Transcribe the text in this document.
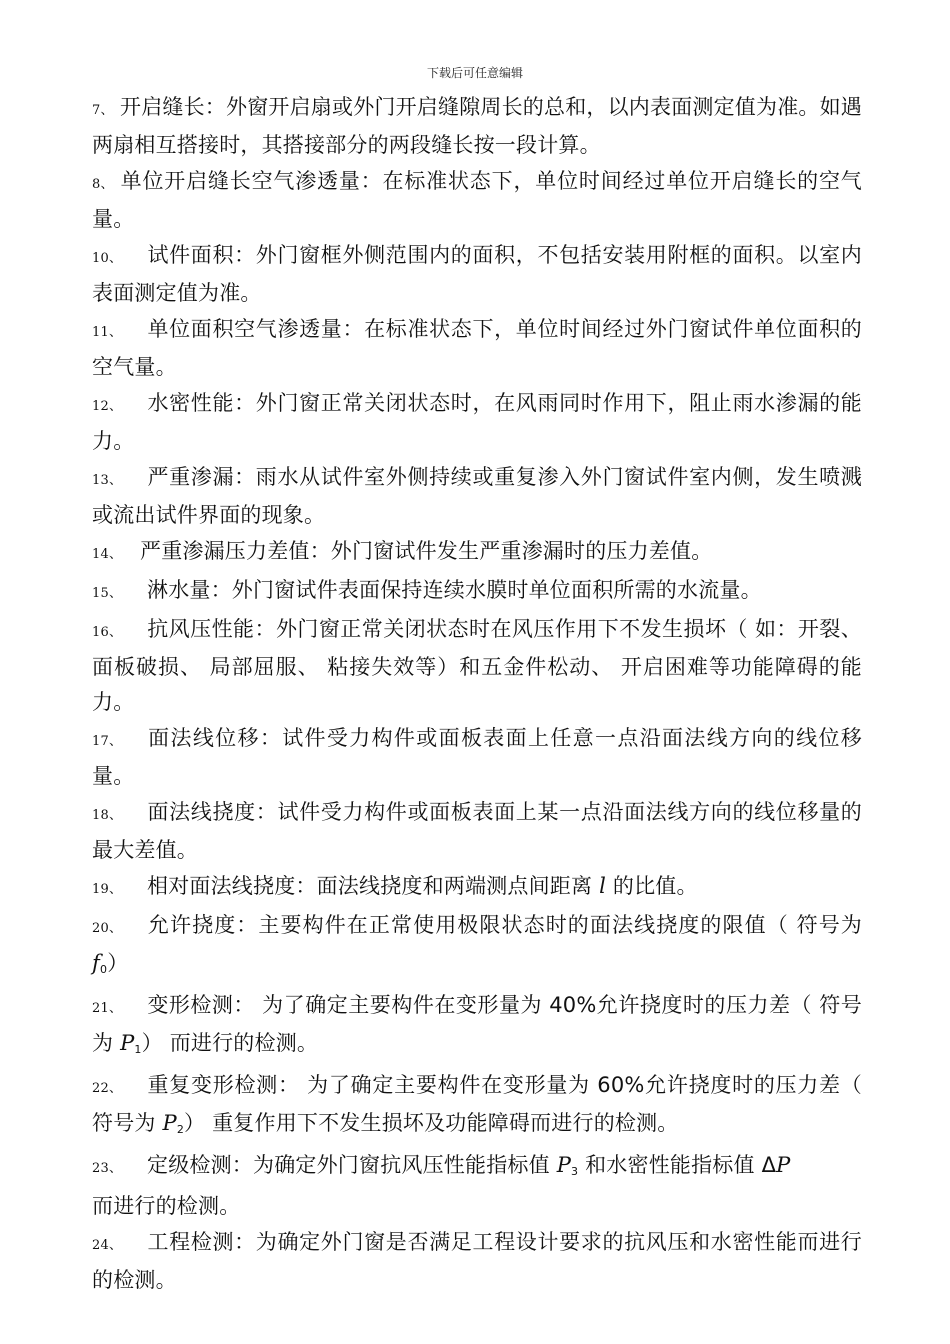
下载后可任意编辑

7、 开启缝长：外窗开启扇或外门开启缝隙周长的总和，以内表面测定值为准。如遇两扇相互搭接时，其搭接部分的两段缝长按一段计算。

8、 单位开启缝长空气渗透量：在标准状态下，单位时间经过单位开启缝长的空气量。

10、 试件面积：外门窗框外侧范围内的面积，不包括安装用附框的面积。以室内表面测定值为准。

11、 单位面积空气渗透量：在标准状态下，单位时间经过外门窗试件单位面积的空气量。

12、 水密性能：外门窗正常关闭状态时，在风雨同时作用下，阻止雨水渗漏的能力。

13、 严重渗漏：雨水从试件室外侧持续或重复渗入外门窗试件室内侧，发生喷溅或流出试件界面的现象。

14、 严重渗漏压力差值：外门窗试件发生严重渗漏时的压力差值。

15、 淋水量：外门窗试件表面保持连续水膜时单位面积所需的水流量。

16、 抗风压性能：外门窗正常关闭状态时在风压作用下不发生损坏（ 如：开裂、 面板破损、 局部屈服、 粘接失效等）和五金件松动、 开启困难等功能障碍的能力。

17、 面法线位移：试件受力构件或面板表面上任意一点沿面法线方向的线位移量。

18、 面法线挠度：试件受力构件或面板表面上某一点沿面法线方向的线位移量的最大差值。

19、 相对面法线挠度：面法线挠度和两端测点间距离 l 的比值。

20、 允许挠度：主要构件在正常使用极限状态时的面法线挠度的限值（ 符号为 $f_0$）

21、 变形检测： 为了确定主要构件在变形量为 40%允许挠度时的压力差（ 符号为 $P_1$） 而进行的检测。

22、 重复变形检测： 为了确定主要构件在变形量为 60%允许挠度时的压力差（ 符号为 $P_2$） 重复作用下不发生损坏及功能障碍而进行的检测。

23、 定级检测：为确定外门窗抗风压性能指标值 $P_3$ 和水密性能指标值 ΔP
而进行的检测。

24、 工程检测：为确定外门窗是否满足工程设计要求的抗风压和水密性能而进行的检测。
